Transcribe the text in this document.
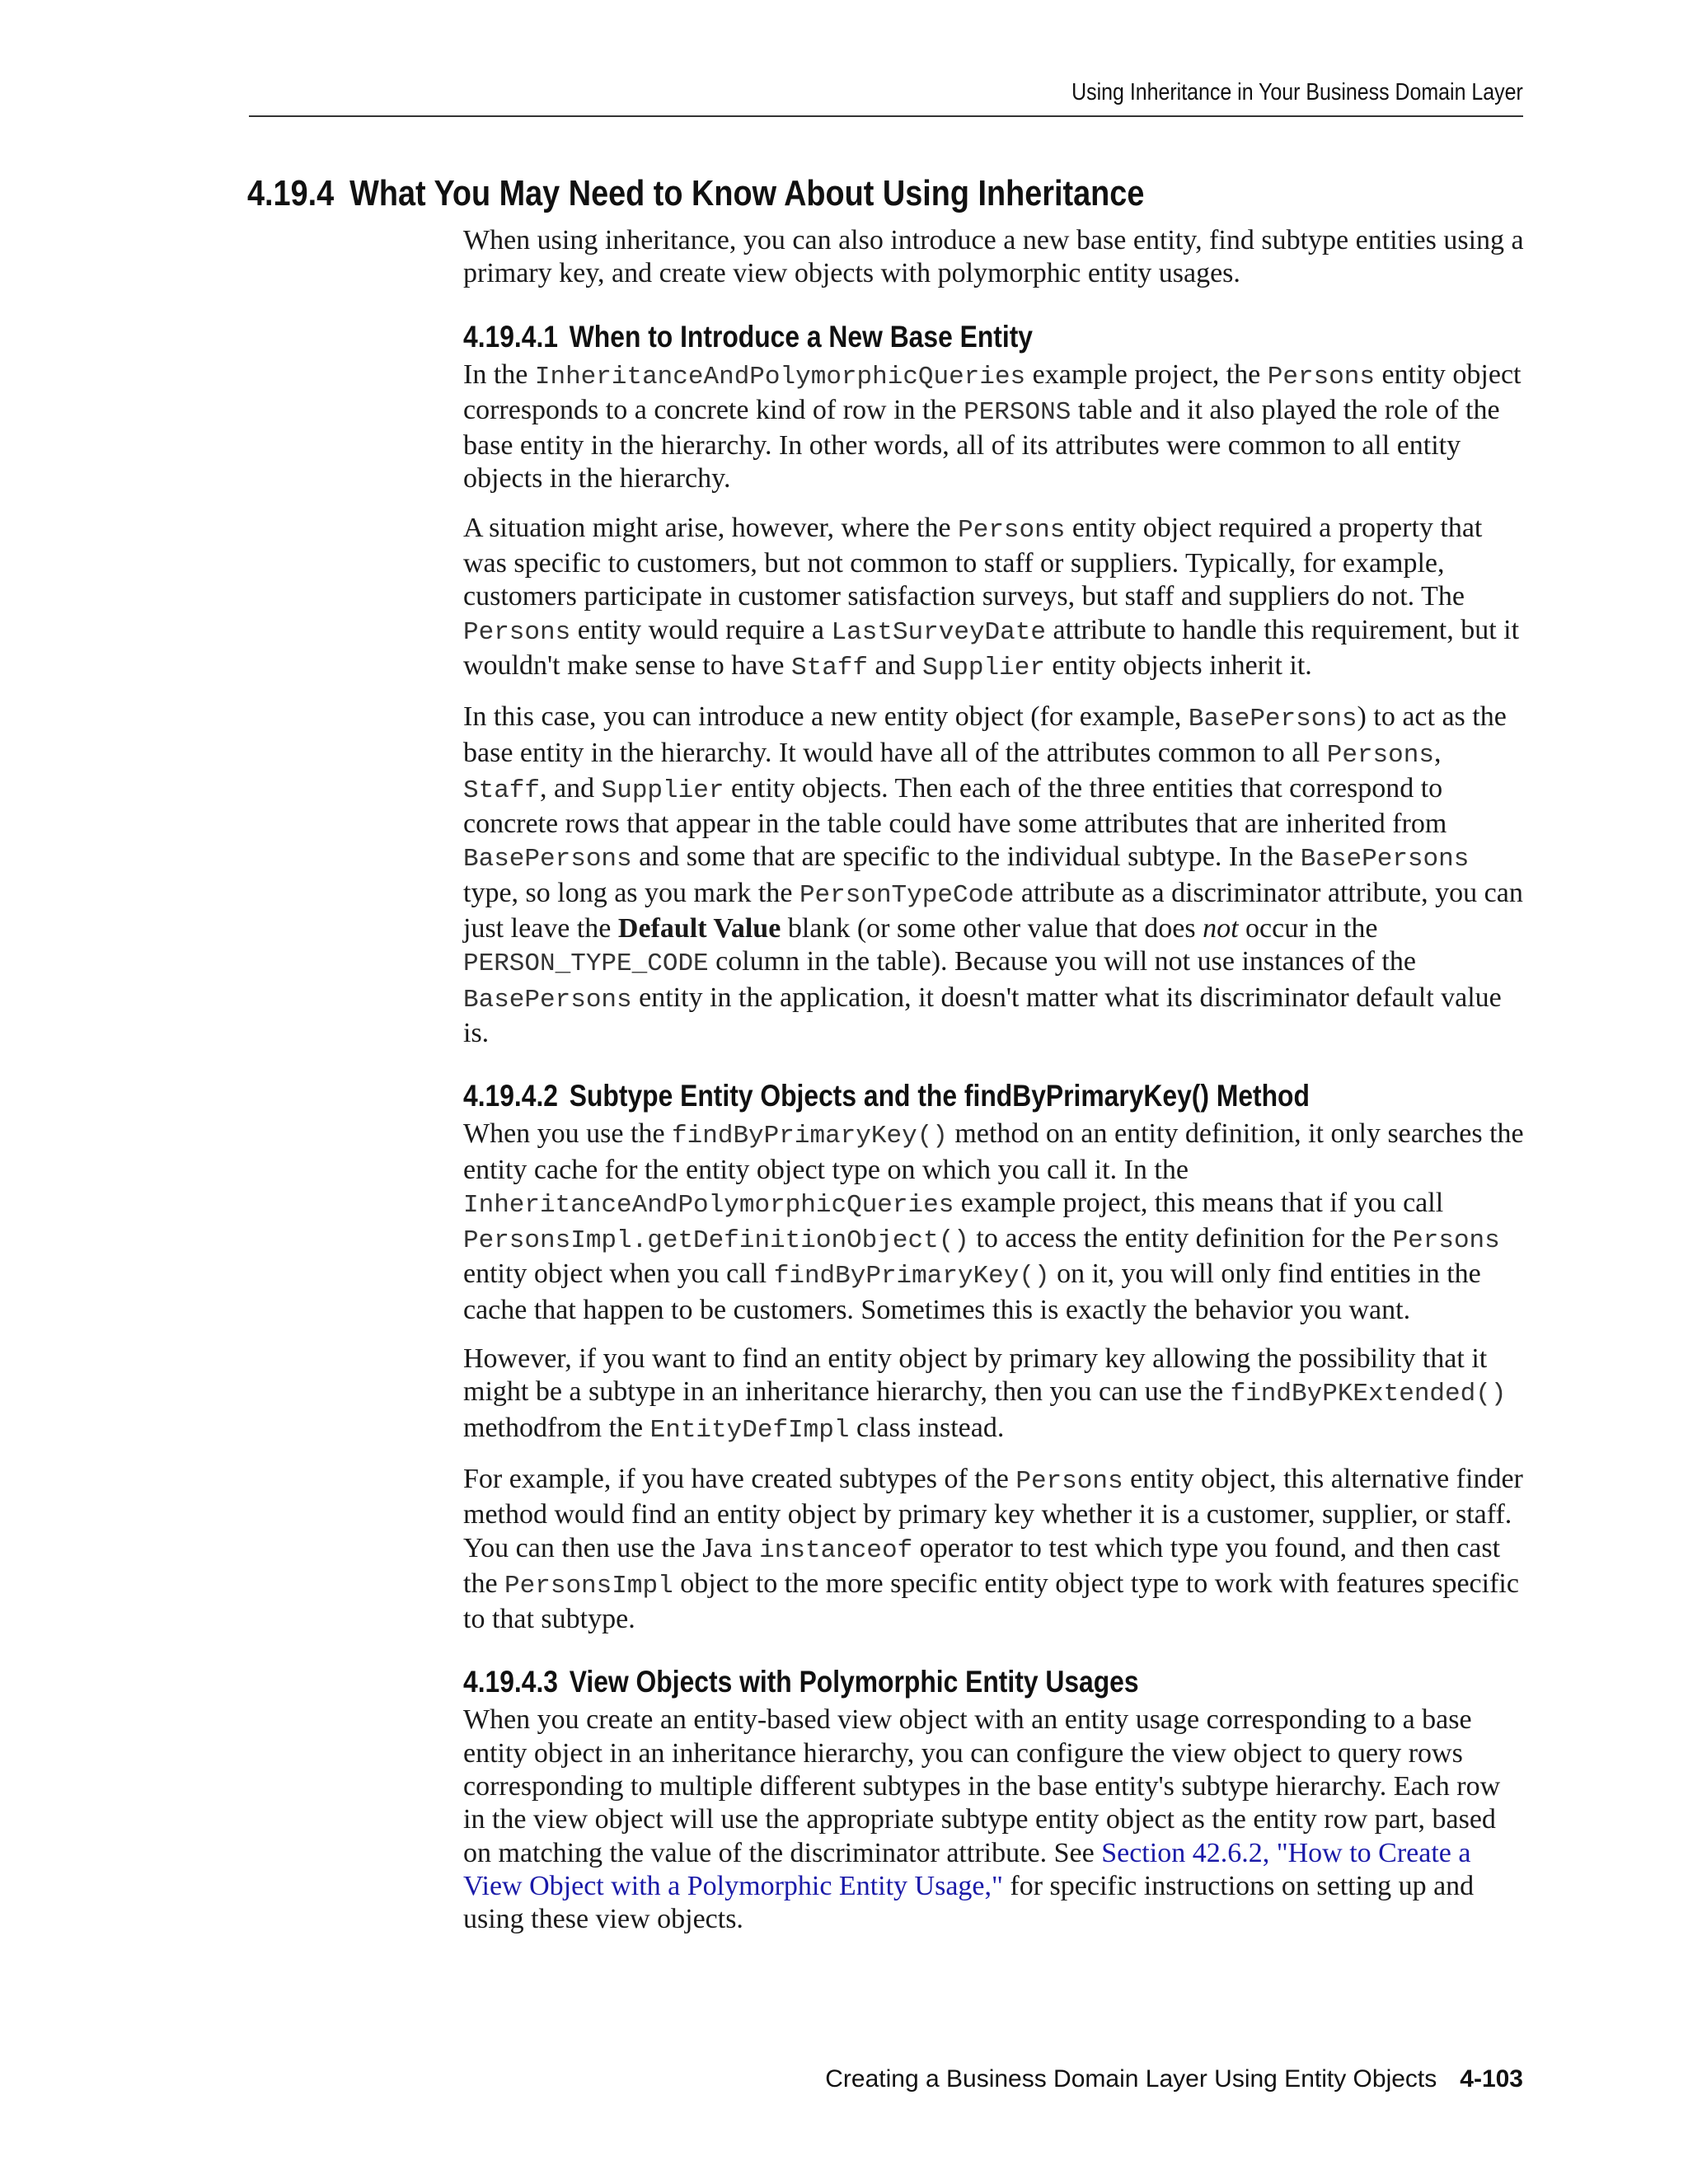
Using Inheritance in Your Business Domain Layer
4.19.4 What You May Need to Know About Using Inheritance

When using inheritance, you can also introduce a new base entity, find subtype entities using a primary key, and create view objects with polymorphic entity usages.

4.19.4.1 When to Introduce a New Base Entity

In the InheritanceAndPolymorphicQueries example project, the Persons entity object corresponds to a concrete kind of row in the PERSONS table and it also played the role of the base entity in the hierarchy. In other words, all of its attributes were common to all entity objects in the hierarchy.

A situation might arise, however, where the Persons entity object required a property that was specific to customers, but not common to staff or suppliers. Typically, for example, customers participate in customer satisfaction surveys, but staff and suppliers do not. The Persons entity would require a LastSurveyDate attribute to handle this requirement, but it wouldn't make sense to have Staff and Supplier entity objects inherit it.

In this case, you can introduce a new entity object (for example, BasePersons) to act as the base entity in the hierarchy. It would have all of the attributes common to all Persons, Staff, and Supplier entity objects. Then each of the three entities that correspond to concrete rows that appear in the table could have some attributes that are inherited from BasePersons and some that are specific to the individual subtype. In the BasePersons type, so long as you mark the PersonTypeCode attribute as a discriminator attribute, you can just leave the Default Value blank (or some other value that does not occur in the PERSON_TYPE_CODE column in the table). Because you will not use instances of the BasePersons entity in the application, it doesn't matter what its discriminator default value is.

4.19.4.2 Subtype Entity Objects and the findByPrimaryKey() Method

When you use the findByPrimaryKey() method on an entity definition, it only searches the entity cache for the entity object type on which you call it. In the InheritanceAndPolymorphicQueries example project, this means that if you call PersonsImpl.getDefinitionObject() to access the entity definition for the Persons entity object when you call findByPrimaryKey() on it, you will only find entities in the cache that happen to be customers. Sometimes this is exactly the behavior you want.

However, if you want to find an entity object by primary key allowing the possibility that it might be a subtype in an inheritance hierarchy, then you can use the findByPKExtended() methodfrom the EntityDefImpl class instead.

For example, if you have created subtypes of the Persons entity object, this alternative finder method would find an entity object by primary key whether it is a customer, supplier, or staff. You can then use the Java instanceof operator to test which type you found, and then cast the PersonsImpl object to the more specific entity object type to work with features specific to that subtype.

4.19.4.3 View Objects with Polymorphic Entity Usages

When you create an entity-based view object with an entity usage corresponding to a base entity object in an inheritance hierarchy, you can configure the view object to query rows corresponding to multiple different subtypes in the base entity's subtype hierarchy. Each row in the view object will use the appropriate subtype entity object as the entity row part, based on matching the value of the discriminator attribute. See Section 42.6.2, "How to Create a View Object with a Polymorphic Entity Usage," for specific instructions on setting up and using these view objects.

Creating a Business Domain Layer Using Entity Objects 4-103
